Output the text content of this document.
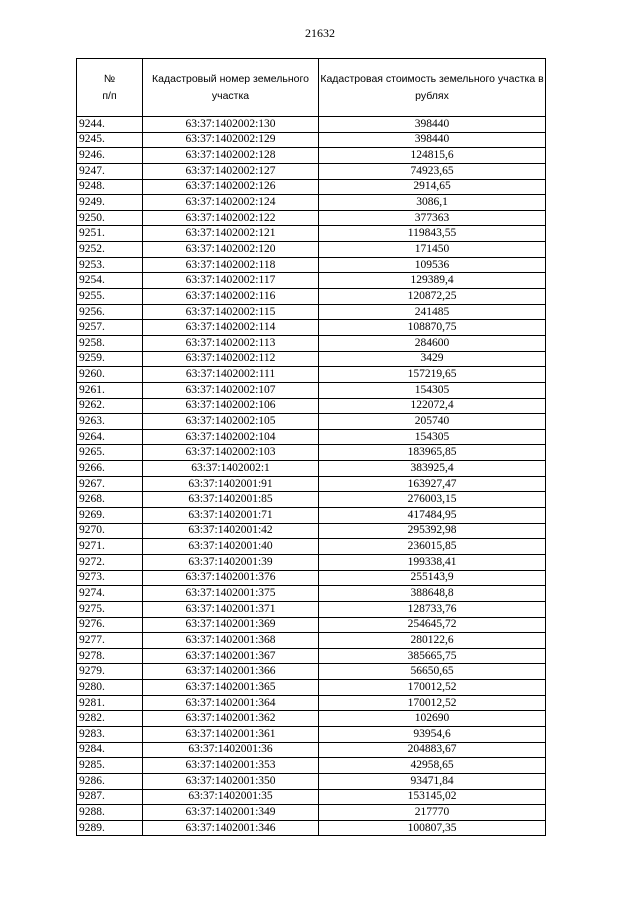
21632
№
п/п	Кадастровый номер земельного участка	Кадастровая стоимость земельного участка в рублях
9244.	63:37:1402002:130	398440
9245.	63:37:1402002:129	398440
9246.	63:37:1402002:128	124815,6
9247.	63:37:1402002:127	74923,65
9248.	63:37:1402002:126	2914,65
9249.	63:37:1402002:124	3086,1
9250.	63:37:1402002:122	377363
9251.	63:37:1402002:121	119843,55
9252.	63:37:1402002:120	171450
9253.	63:37:1402002:118	109536
9254.	63:37:1402002:117	129389,4
9255.	63:37:1402002:116	120872,25
9256.	63:37:1402002:115	241485
9257.	63:37:1402002:114	108870,75
9258.	63:37:1402002:113	284600
9259.	63:37:1402002:112	3429
9260.	63:37:1402002:111	157219,65
9261.	63:37:1402002:107	154305
9262.	63:37:1402002:106	122072,4
9263.	63:37:1402002:105	205740
9264.	63:37:1402002:104	154305
9265.	63:37:1402002:103	183965,85
9266.	63:37:1402002:1	383925,4
9267.	63:37:1402001:91	163927,47
9268.	63:37:1402001:85	276003,15
9269.	63:37:1402001:71	417484,95
9270.	63:37:1402001:42	295392,98
9271.	63:37:1402001:40	236015,85
9272.	63:37:1402001:39	199338,41
9273.	63:37:1402001:376	255143,9
9274.	63:37:1402001:375	388648,8
9275.	63:37:1402001:371	128733,76
9276.	63:37:1402001:369	254645,72
9277.	63:37:1402001:368	280122,6
9278.	63:37:1402001:367	385665,75
9279.	63:37:1402001:366	56650,65
9280.	63:37:1402001:365	170012,52
9281.	63:37:1402001:364	170012,52
9282.	63:37:1402001:362	102690
9283.	63:37:1402001:361	93954,6
9284.	63:37:1402001:36	204883,67
9285.	63:37:1402001:353	42958,65
9286.	63:37:1402001:350	93471,84
9287.	63:37:1402001:35	153145,02
9288.	63:37:1402001:349	217770
9289.	63:37:1402001:346	100807,35
